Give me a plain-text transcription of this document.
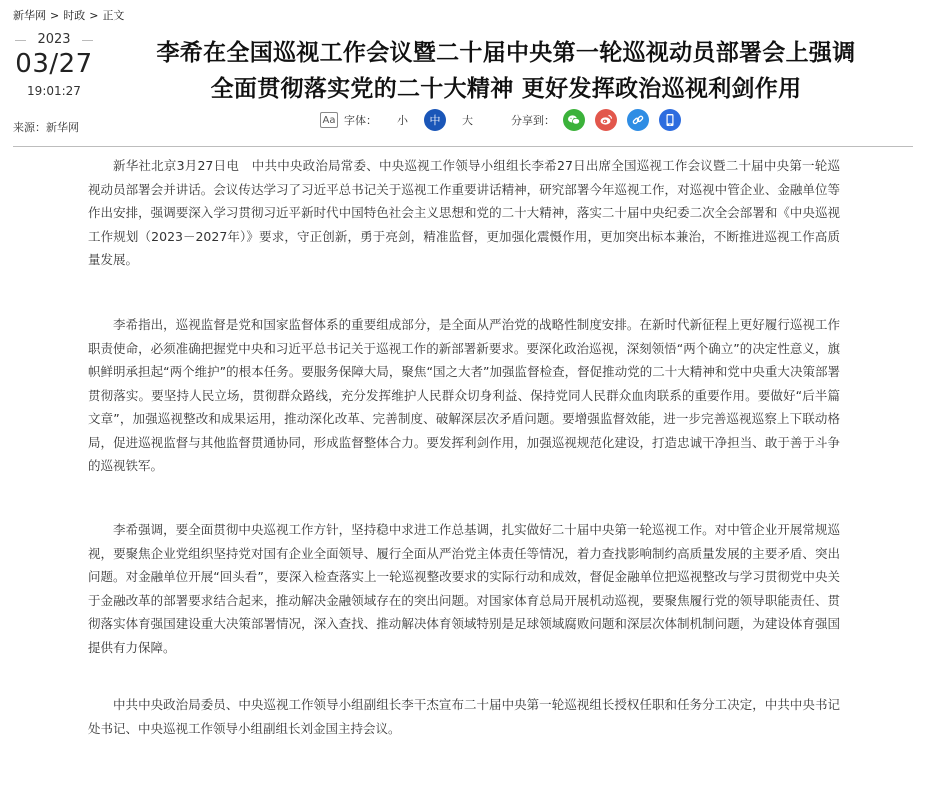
新华网 > 时政 > 正文
2023
03/27
19:01:27
来源：新华网
李希在全国巡视工作会议暨二十届中央第一轮巡视动员部署会上强调
全面贯彻落实党的二十大精神 更好发挥政治巡视利剑作用
Aa 字体： 小	中	大	分享到：

新华社北京3月27日电　中共中央政治局常委、中央巡视工作领导小组组长李希27日出席全国巡视工作会议暨二十届中央第一轮巡视动员部署会并讲话。会议传达学习了习近平总书记关于巡视工作重要讲话精神，研究部署今年巡视工作，对巡视中管企业、金融单位等作出安排，强调要深入学习贯彻习近平新时代中国特色社会主义思想和党的二十大精神，落实二十届中央纪委二次全会部署和《中央巡视工作规划（2023－2027年）》要求，守正创新，勇于亮剑，精准监督，更加强化震慑作用，更加突出标本兼治，不断推进巡视工作高质量发展。

李希指出，巡视监督是党和国家监督体系的重要组成部分，是全面从严治党的战略性制度安排。在新时代新征程上更好履行巡视工作职责使命，必须准确把握党中央和习近平总书记关于巡视工作的新部署新要求。要深化政治巡视，深刻领悟“两个确立”的决定性意义，旗帜鲜明承担起“两个维护”的根本任务。要服务保障大局，聚焦“国之大者”加强监督检查，督促推动党的二十大精神和党中央重大决策部署贯彻落实。要坚持人民立场，贯彻群众路线，充分发挥维护人民群众切身利益、保持党同人民群众血肉联系的重要作用。要做好“后半篇文章”，加强巡视整改和成果运用，推动深化改革、完善制度、破解深层次矛盾问题。要增强监督效能，进一步完善巡视巡察上下联动格局，促进巡视监督与其他监督贯通协同，形成监督整体合力。要发挥利剑作用，加强巡视规范化建设，打造忠诚干净担当、敢于善于斗争的巡视铁军。

李希强调，要全面贯彻中央巡视工作方针，坚持稳中求进工作总基调，扎实做好二十届中央第一轮巡视工作。对中管企业开展常规巡视，要聚焦企业党组织坚持党对国有企业全面领导、履行全面从严治党主体责任等情况，着力查找影响制约高质量发展的主要矛盾、突出问题。对金融单位开展“回头看”，要深入检查落实上一轮巡视整改要求的实际行动和成效，督促金融单位把巡视整改与学习贯彻党中央关于金融改革的部署要求结合起来，推动解决金融领域存在的突出问题。对国家体育总局开展机动巡视，要聚焦履行党的领导职能责任、贯彻落实体育强国建设重大决策部署情况，深入查找、推动解决体育领域特别是足球领域腐败问题和深层次体制机制问题，为建设体育强国提供有力保障。

中共中央政治局委员、中央巡视工作领导小组副组长李干杰宣布二十届中央第一轮巡视组长授权任职和任务分工决定，中共中央书记处书记、中央巡视工作领导小组副组长刘金国主持会议。
